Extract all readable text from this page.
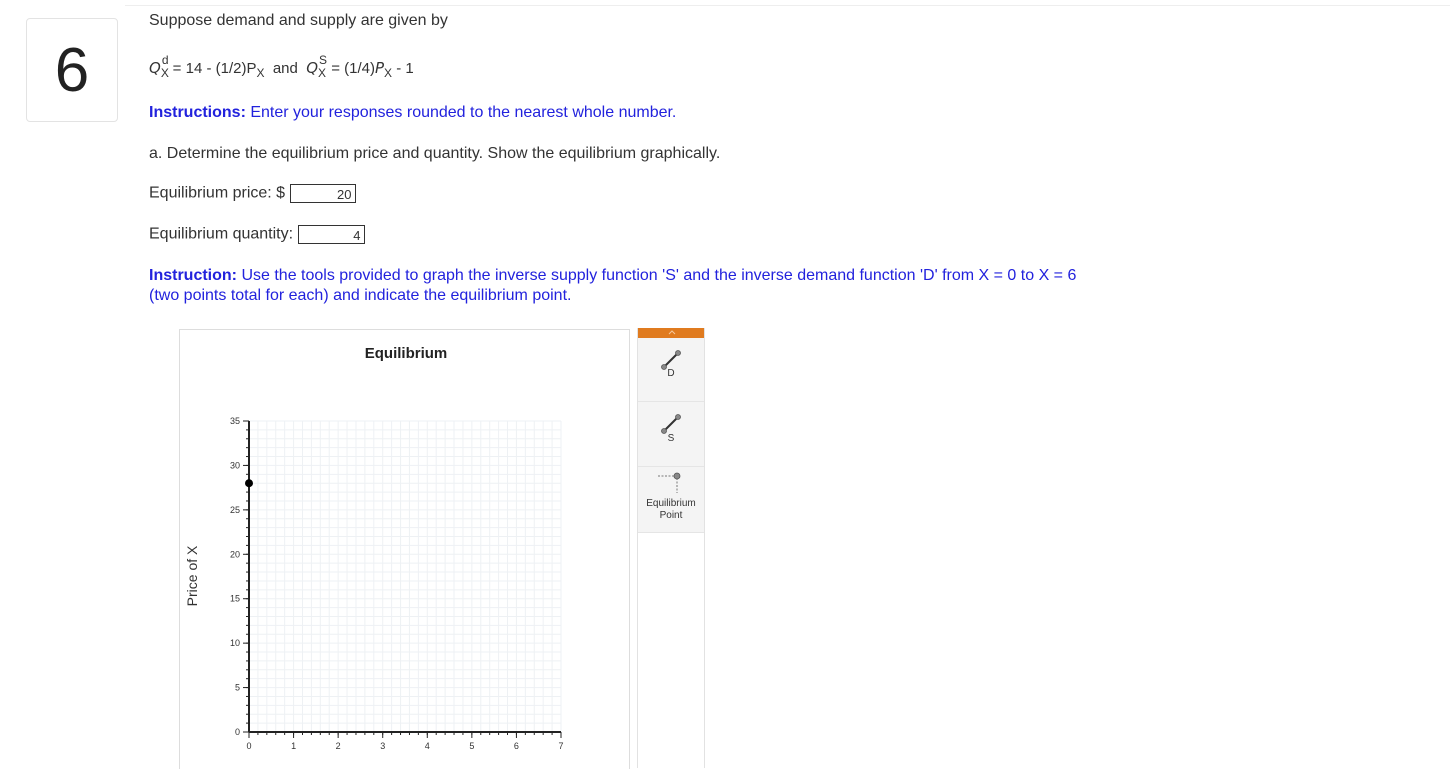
6
Suppose demand and supply are given by
$Q_X^d = 14 - (1/2)P_X$ and $Q_X^S = (1/4)P_X - 1$
Instructions: Enter your responses rounded to the nearest whole number.
a. Determine the equilibrium price and quantity. Show the equilibrium graphically.
Equilibrium price: $	20
Equilibrium quantity:	4
Instruction: Use the tools provided to graph the inverse supply function 'S' and the inverse demand function 'D' from X = 0 to X = 6
(two points total for each) and indicate the equilibrium point.
Equilibrium
Price of X
0	1	2	3	4	5	6	7
0
5
10
15
20
25
30
35
D
S
Equilibrium Point
